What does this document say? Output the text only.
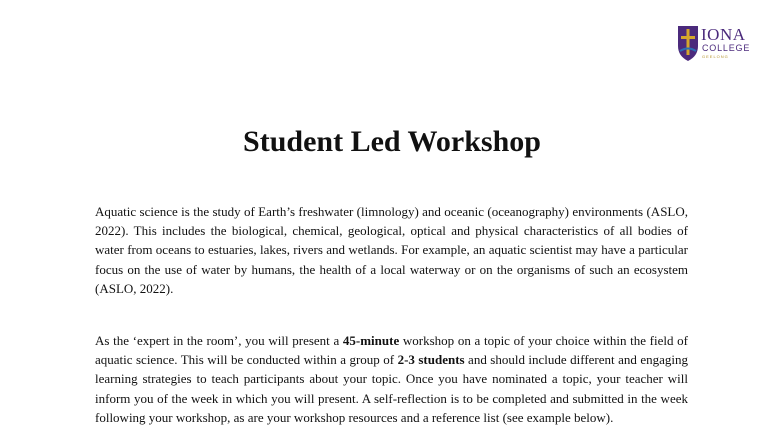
IONA
COLLEGE
GEELONG
Student Led Workshop

Aquatic science is the study of Earth’s freshwater (limnology) and oceanic (oceanography) environments (ASLO, 2022). This includes the biological, chemical, geological, optical and physical characteristics of all bodies of water from oceans to estuaries, lakes, rivers and wetlands. For example, an aquatic scientist may have a particular focus on the use of water by humans, the health of a local waterway or on the organisms of such an ecosystem (ASLO, 2022).

As the ‘expert in the room’, you will present a 45-minute workshop on a topic of your choice within the field of aquatic science. This will be conducted within a group of 2-3 students and should include different and engaging learning strategies to teach participants about your topic. Once you have nominated a topic, your teacher will inform you of the week in which you will present. A self-reflection is to be completed and submitted in the week following your workshop, as are your workshop resources and a reference list (see example below).
